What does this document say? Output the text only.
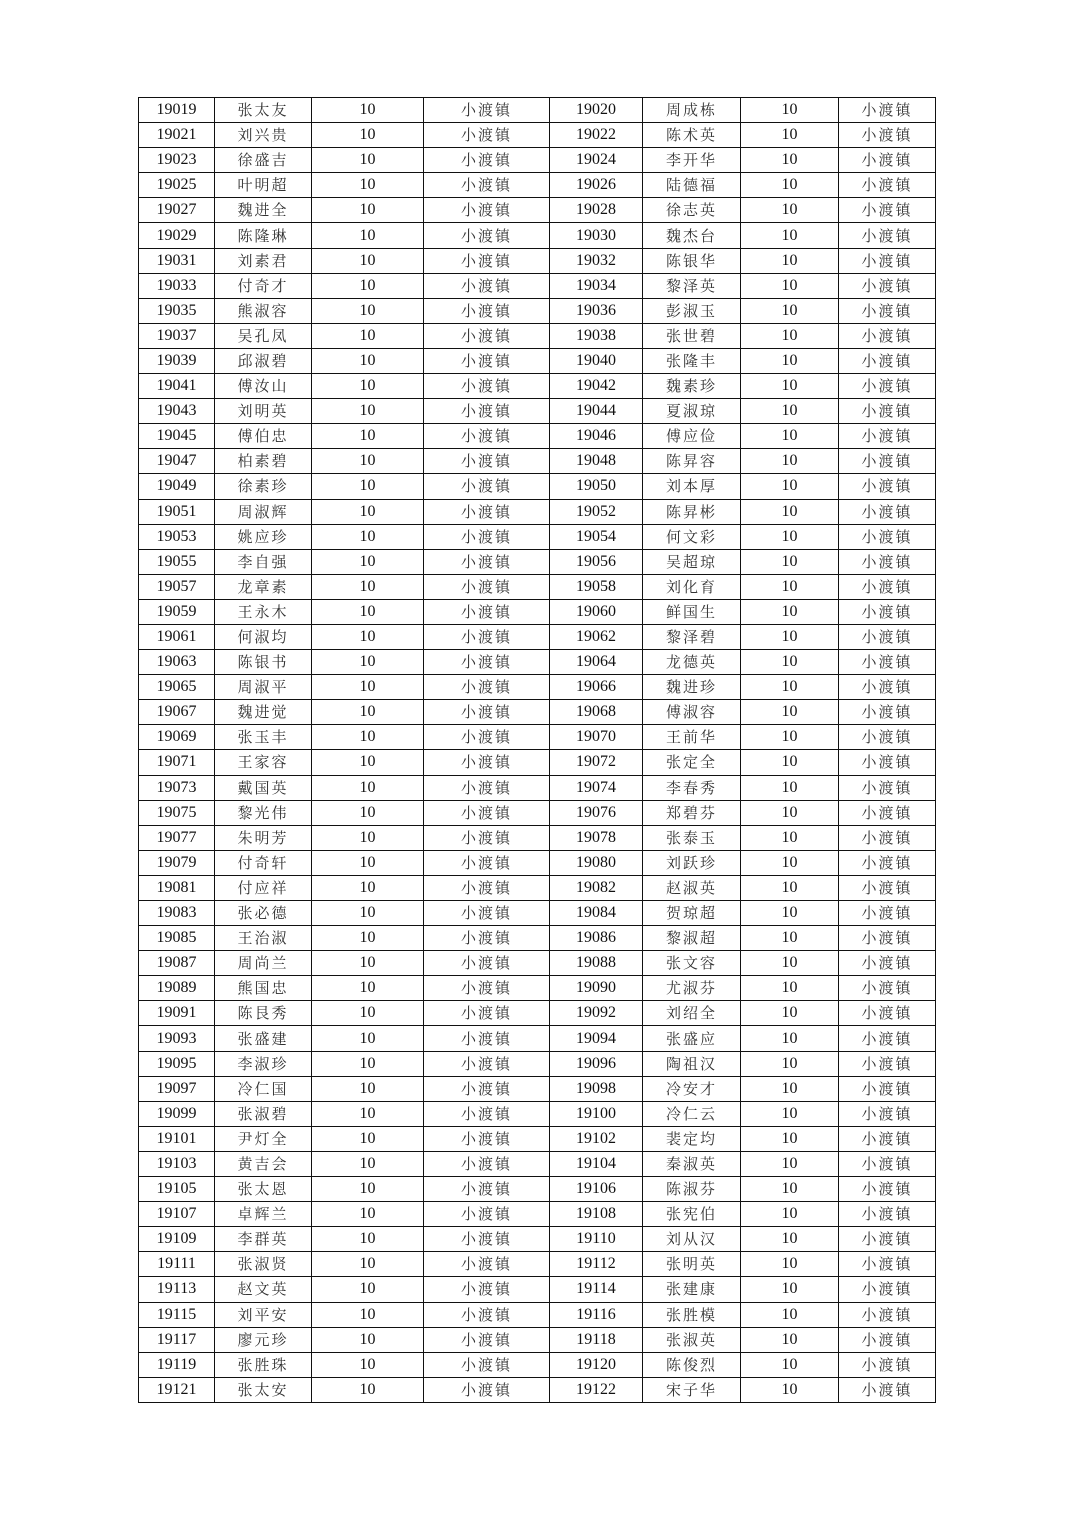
19019	张太友	10	小渡镇	19020	周成栋	10	小渡镇
19021	刘兴贵	10	小渡镇	19022	陈术英	10	小渡镇
19023	徐盛吉	10	小渡镇	19024	李开华	10	小渡镇
19025	叶明超	10	小渡镇	19026	陆德福	10	小渡镇
19027	魏进全	10	小渡镇	19028	徐志英	10	小渡镇
19029	陈隆琳	10	小渡镇	19030	魏杰台	10	小渡镇
19031	刘素君	10	小渡镇	19032	陈银华	10	小渡镇
19033	付奇才	10	小渡镇	19034	黎泽英	10	小渡镇
19035	熊淑容	10	小渡镇	19036	彭淑玉	10	小渡镇
19037	吴孔凤	10	小渡镇	19038	张世碧	10	小渡镇
19039	邱淑碧	10	小渡镇	19040	张隆丰	10	小渡镇
19041	傅汝山	10	小渡镇	19042	魏素珍	10	小渡镇
19043	刘明英	10	小渡镇	19044	夏淑琼	10	小渡镇
19045	傅伯忠	10	小渡镇	19046	傅应俭	10	小渡镇
19047	柏素碧	10	小渡镇	19048	陈昇容	10	小渡镇
19049	徐素珍	10	小渡镇	19050	刘本厚	10	小渡镇
19051	周淑辉	10	小渡镇	19052	陈昇彬	10	小渡镇
19053	姚应珍	10	小渡镇	19054	何文彩	10	小渡镇
19055	李自强	10	小渡镇	19056	吴超琼	10	小渡镇
19057	龙章素	10	小渡镇	19058	刘化育	10	小渡镇
19059	王永木	10	小渡镇	19060	鲜国生	10	小渡镇
19061	何淑均	10	小渡镇	19062	黎泽碧	10	小渡镇
19063	陈银书	10	小渡镇	19064	龙德英	10	小渡镇
19065	周淑平	10	小渡镇	19066	魏进珍	10	小渡镇
19067	魏进觉	10	小渡镇	19068	傅淑容	10	小渡镇
19069	张玉丰	10	小渡镇	19070	王前华	10	小渡镇
19071	王家容	10	小渡镇	19072	张定全	10	小渡镇
19073	戴国英	10	小渡镇	19074	李春秀	10	小渡镇
19075	黎光伟	10	小渡镇	19076	郑碧芬	10	小渡镇
19077	朱明芳	10	小渡镇	19078	张泰玉	10	小渡镇
19079	付奇轩	10	小渡镇	19080	刘跃珍	10	小渡镇
19081	付应祥	10	小渡镇	19082	赵淑英	10	小渡镇
19083	张必德	10	小渡镇	19084	贺琼超	10	小渡镇
19085	王治淑	10	小渡镇	19086	黎淑超	10	小渡镇
19087	周尚兰	10	小渡镇	19088	张文容	10	小渡镇
19089	熊国忠	10	小渡镇	19090	尤淑芬	10	小渡镇
19091	陈艮秀	10	小渡镇	19092	刘绍全	10	小渡镇
19093	张盛建	10	小渡镇	19094	张盛应	10	小渡镇
19095	李淑珍	10	小渡镇	19096	陶祖汉	10	小渡镇
19097	冷仁国	10	小渡镇	19098	冷安才	10	小渡镇
19099	张淑碧	10	小渡镇	19100	冷仁云	10	小渡镇
19101	尹灯全	10	小渡镇	19102	裴定均	10	小渡镇
19103	黄吉会	10	小渡镇	19104	秦淑英	10	小渡镇
19105	张太恩	10	小渡镇	19106	陈淑芬	10	小渡镇
19107	卓辉兰	10	小渡镇	19108	张宪伯	10	小渡镇
19109	李群英	10	小渡镇	19110	刘从汉	10	小渡镇
19111	张淑贤	10	小渡镇	19112	张明英	10	小渡镇
19113	赵文英	10	小渡镇	19114	张建康	10	小渡镇
19115	刘平安	10	小渡镇	19116	张胜模	10	小渡镇
19117	廖元珍	10	小渡镇	19118	张淑英	10	小渡镇
19119	张胜珠	10	小渡镇	19120	陈俊烈	10	小渡镇
19121	张太安	10	小渡镇	19122	宋子华	10	小渡镇
